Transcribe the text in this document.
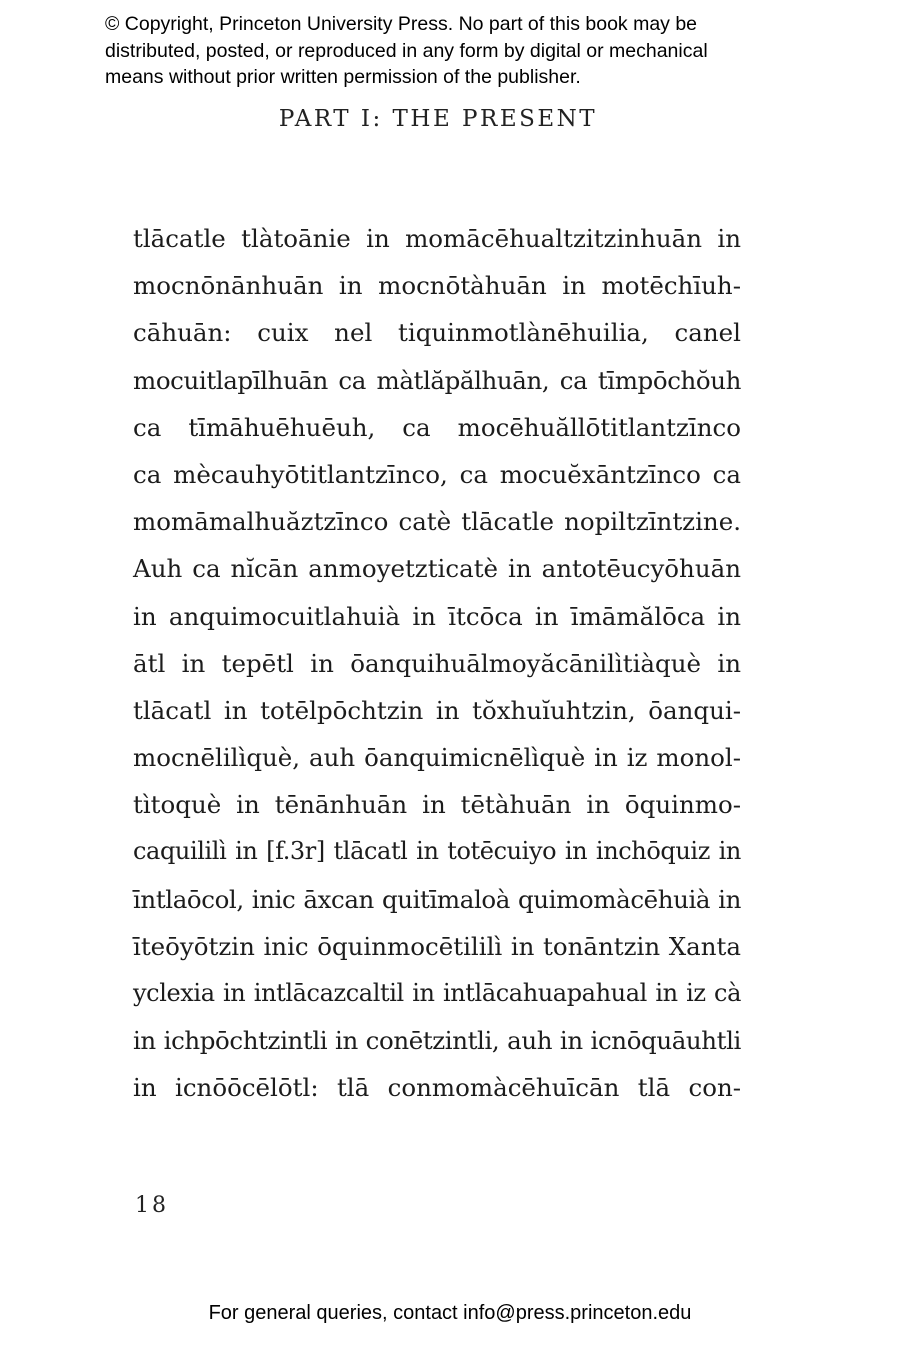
© Copyright, Princeton University Press. No part of this book may be
distributed, posted, or reproduced in any form by digital or mechanical
means without prior written permission of the publisher.
PART I: THE PRESENT
tlācatle tlàtoānie in momācēhualtzitzinhuān in
mocnōnānhuān in mocnōtàhuān in motēchīuh-
cāhuān: cuix nel tiquinmotlànēhuilia, canel
mocuitlapīlhuān ca màtlăpălhuān, ca tīmpōchŏuh
ca tīmāhuēhuēuh, ca mocēhuăllōtitlantzīnco
ca mècauhyōtitlantzīnco, ca mocuĕxāntzīnco ca
momāmalhuăztzīnco catè tlācatle nopiltzīntzine.
Auh ca nĭcān anmoyetzticatè in antotēucyōhuān
in anquimocuitlahuià in ītcōca in īmāmălōca in
ātl in tepētl in ōanquihuālmoyăcānilìtiàquè in
tlācatl in totēlpōchtzin in tŏxhuĭuhtzin, ōanqui-
mocnēlilìquè, auh ōanquimicnēlìquè in iz monol-
tìtoquè in tēnānhuān in tētàhuān in ōquinmo-
caquililì in [f.3r] tlācatl in totēcuiyo in inchōquiz in
īntlaōcol, inic āxcan quitīmaloà quimomàcēhuià in
īteōyōtzin inic ōquinmocētililì in tonāntzin Xanta
yclexia in intlācazcaltil in intlācahuapahual in iz cà
in ichpōchtzintli in conētzintli, auh in icnōquāuhtli
in icnōōcēlōtl: tlā conmomàcēhuīcān tlā con-
18
For general queries, contact info@press.princeton.edu
